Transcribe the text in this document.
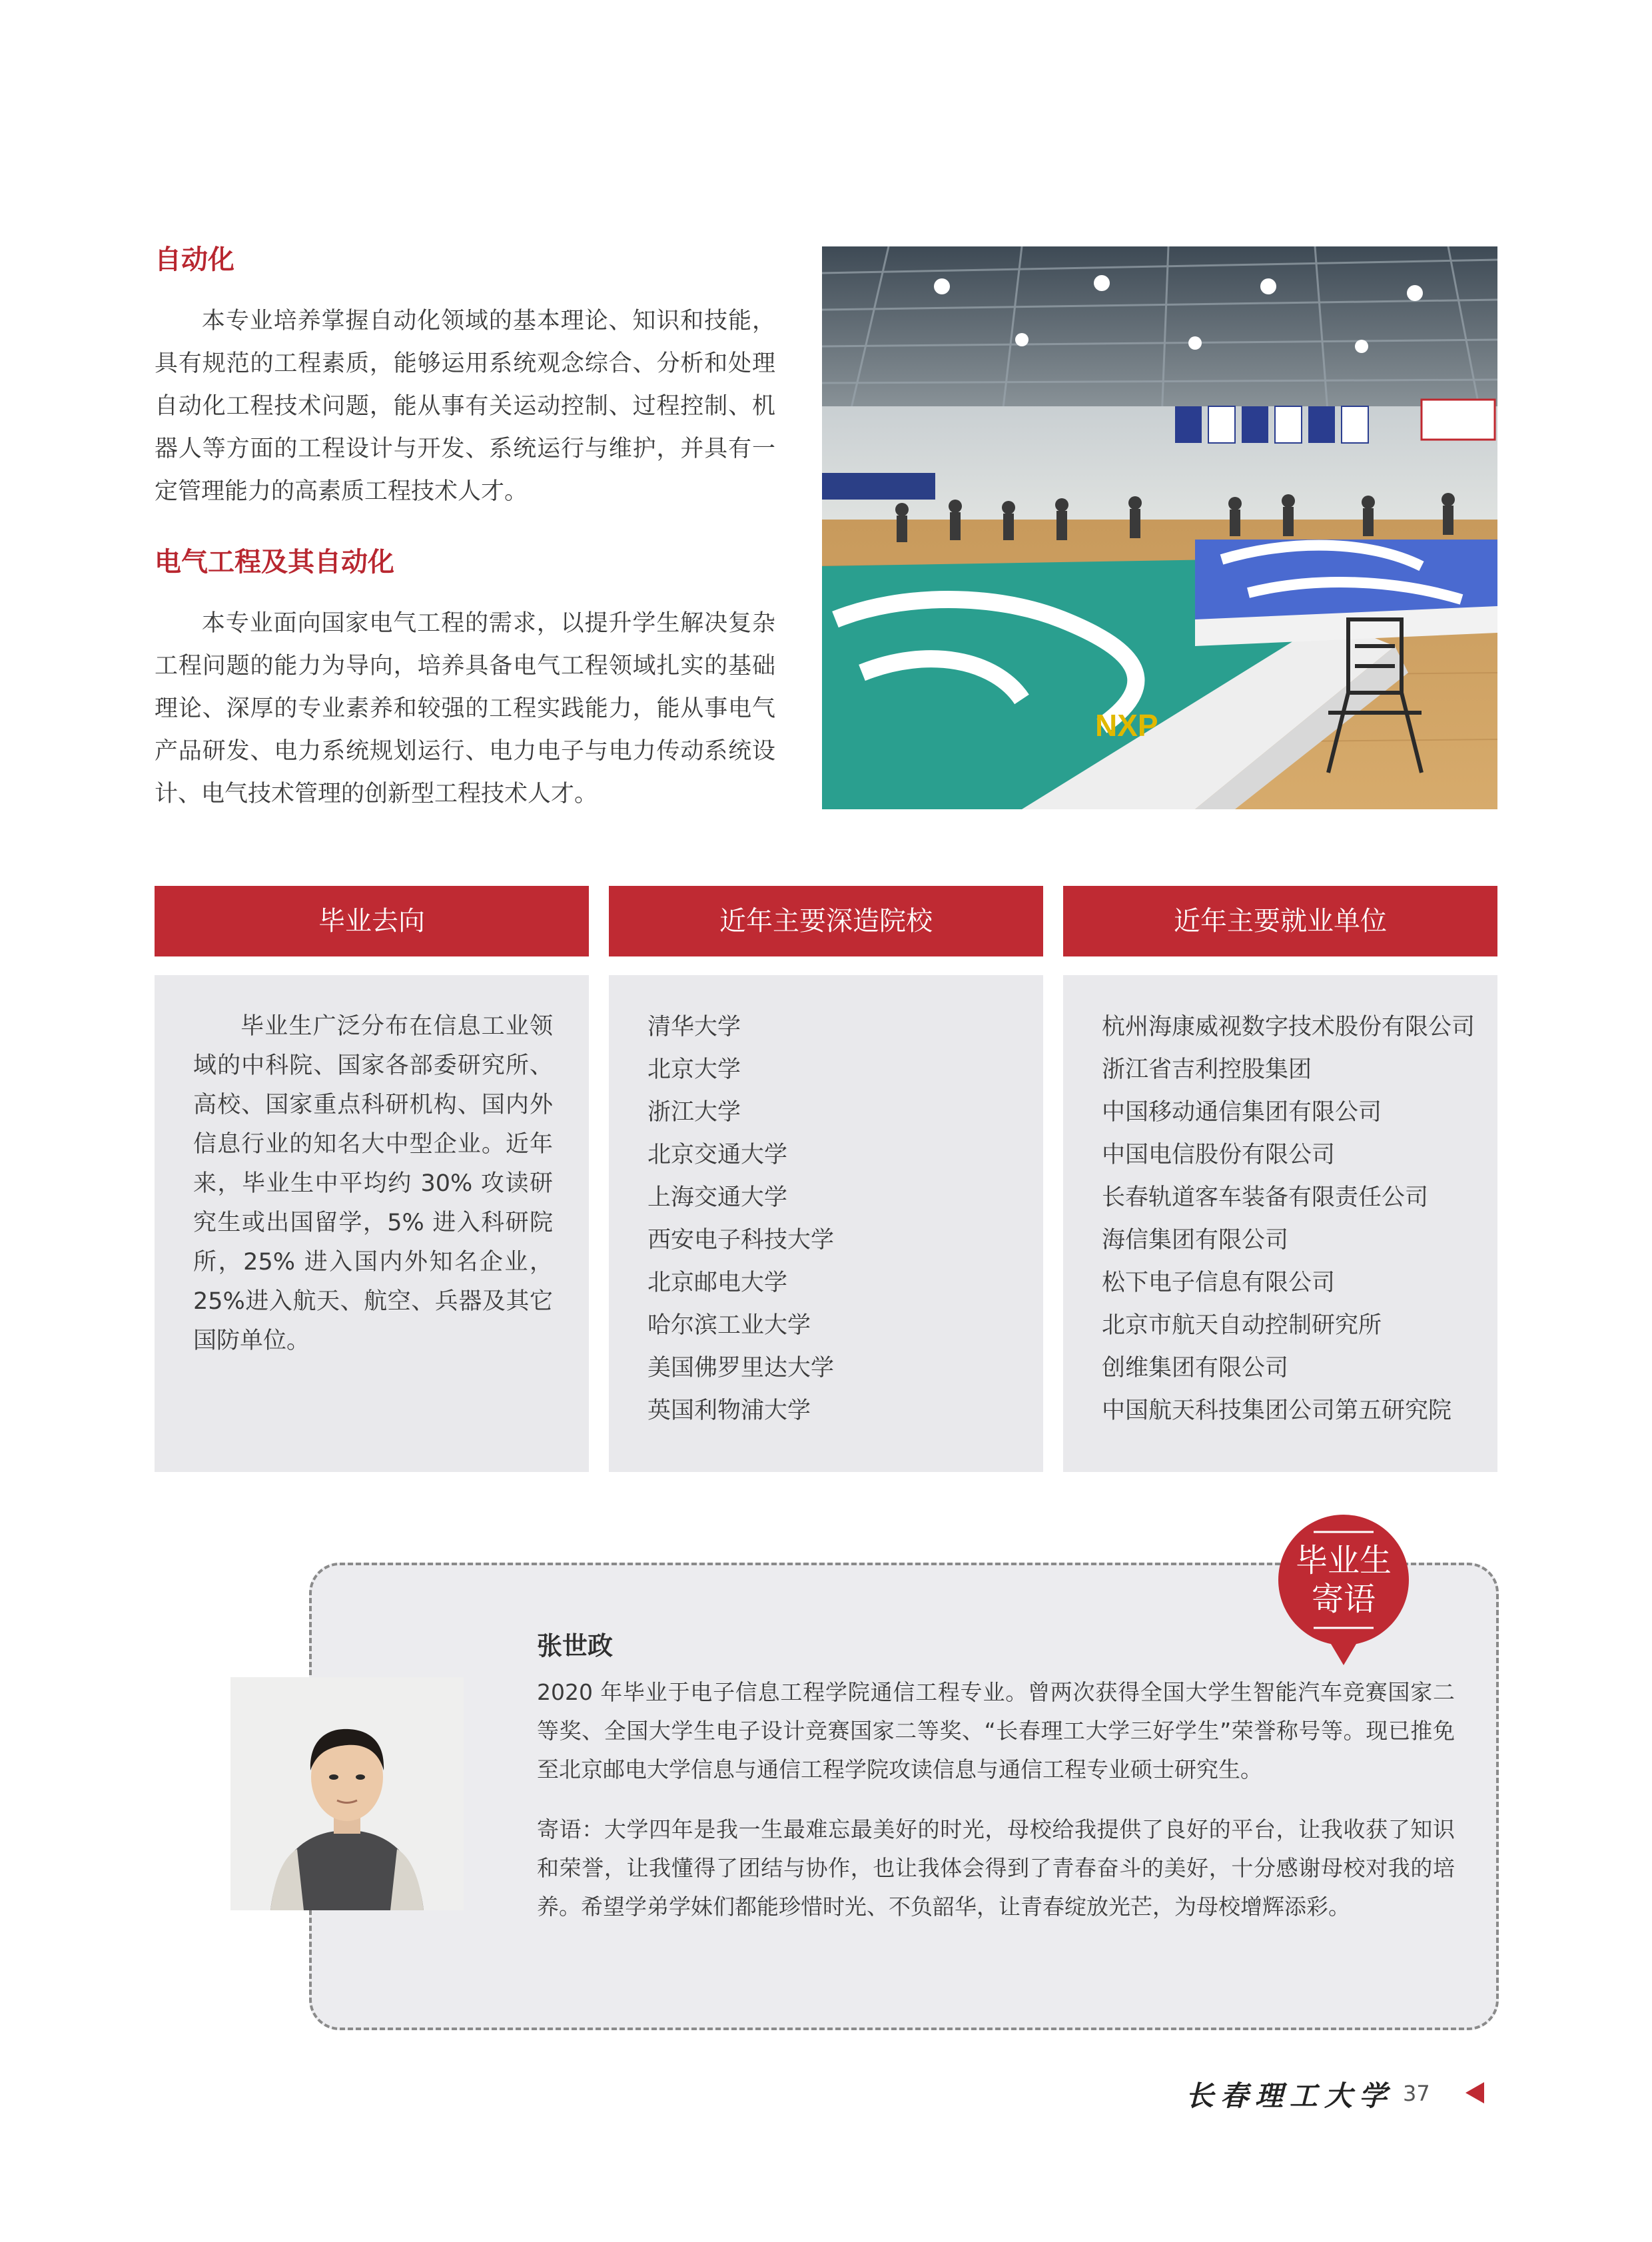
自动化

本专业培养掌握自动化领域的基本理论、知识和技能，具有规范的工程素质，能够运用系统观念综合、分析和处理自动化工程技术问题，能从事有关运动控制、过程控制、机器人等方面的工程设计与开发、系统运行与维护，并具有一定管理能力的高素质工程技术人才。

电气工程及其自动化

本专业面向国家电气工程的需求，以提升学生解决复杂工程问题的能力为导向，培养具备电气工程领域扎实的基础理论、深厚的专业素养和较强的工程实践能力，能从事电气产品研发、电力系统规划运行、电力电子与电力传动系统设计、电气技术管理的创新型工程技术人才。

NXP
毕业去向	近年主要深造院校	近年主要就业单位

毕业生广泛分布在信息工业领域的中科院、国家各部委研究所、高校、国家重点科研机构、国内外信息行业的知名大中型企业。近年来，毕业生中平均约 30% 攻读研究生或出国留学，5% 进入科研院所，25% 进入国内外知名企业，25%进入航天、航空、兵器及其它国防单位。

清华大学
北京大学
浙江大学
北京交通大学
上海交通大学
西安电子科技大学
北京邮电大学
哈尔滨工业大学
美国佛罗里达大学
英国利物浦大学
杭州海康威视数字技术股份有限公司
浙江省吉利控股集团
中国移动通信集团有限公司
中国电信股份有限公司
长春轨道客车装备有限责任公司
海信集团有限公司
松下电子信息有限公司
北京市航天自动控制研究所
创维集团有限公司
中国航天科技集团公司第五研究院
毕业生
寄语
张世政

2020 年毕业于电子信息工程学院通信工程专业。曾两次获得全国大学生智能汽车竞赛国家二等奖、全国大学生电子设计竞赛国家二等奖、“长春理工大学三好学生”荣誉称号等。现已推免至北京邮电大学信息与通信工程学院攻读信息与通信工程专业硕士研究生。

寄语：大学四年是我一生最难忘最美好的时光，母校给我提供了良好的平台，让我收获了知识和荣誉，让我懂得了团结与协作，也让我体会得到了青春奋斗的美好，十分感谢母校对我的培养。希望学弟学妹们都能珍惜时光、不负韶华，让青春绽放光芒，为母校增辉添彩。

长春理工大学 37
